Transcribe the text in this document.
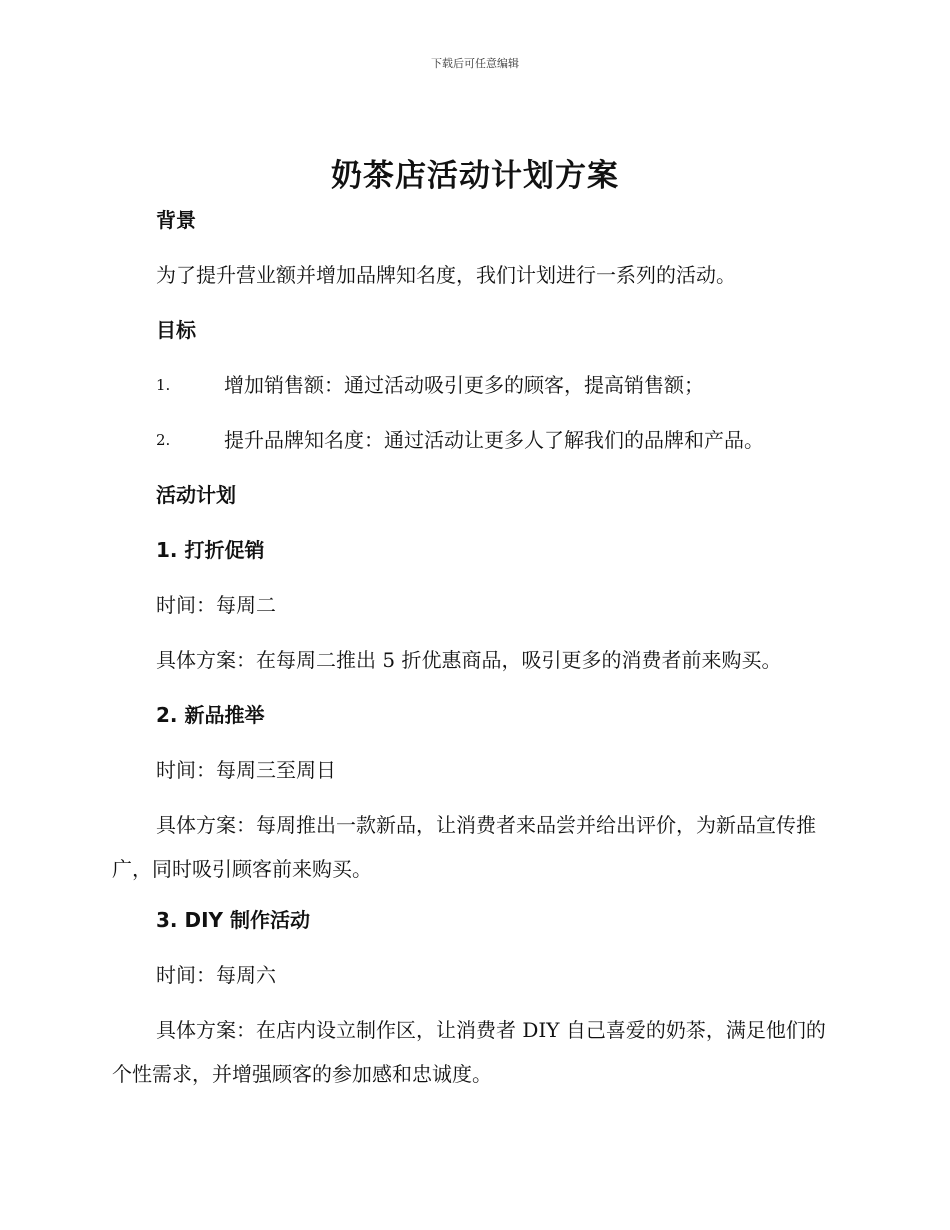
下载后可任意编辑
奶茶店活动计划方案
背景
为了提升营业额并增加品牌知名度，我们计划进行一系列的活动。
目标
1.	增加销售额：通过活动吸引更多的顾客，提高销售额；
2.	提升品牌知名度：通过活动让更多人了解我们的品牌和产品。
活动计划
1. 打折促销
时间：每周二
具体方案：在每周二推出 5 折优惠商品，吸引更多的消费者前来购买。
2. 新品推举
时间：每周三至周日
具体方案：每周推出一款新品，让消费者来品尝并给出评价，为新品宣传推广，同时吸引顾客前来购买。
3. DIY 制作活动
时间：每周六
具体方案：在店内设立制作区，让消费者 DIY 自己喜爱的奶茶，满足他们的个性需求，并增强顾客的参加感和忠诚度。
